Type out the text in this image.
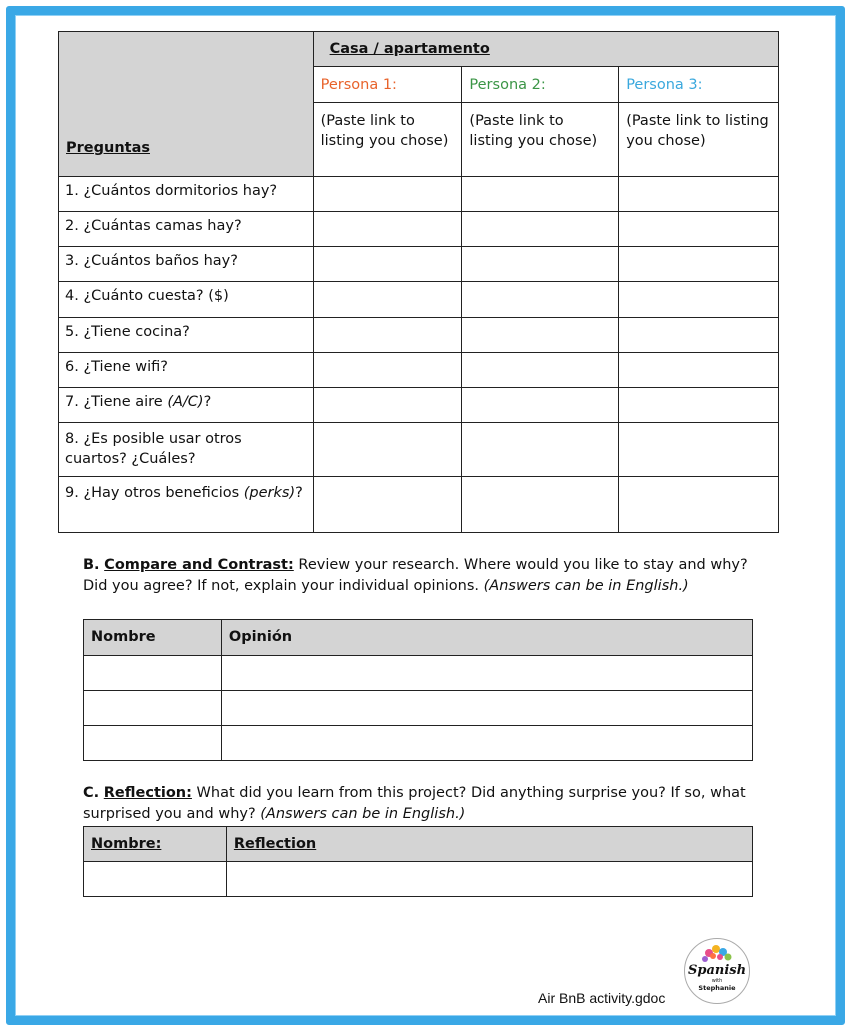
Preguntas	Casa / apartamento		
	Persona 1:	Persona 2:	Persona 3:
	(Paste link to listing you chose)	(Paste link to listing you chose)	(Paste link to listing you chose)
1. ¿Cuántos dormitorios hay?			
2. ¿Cuántas camas hay?			
3. ¿Cuántos baños hay?			
4. ¿Cuánto cuesta? ($)			
5. ¿Tiene cocina?			
6. ¿Tiene wifi?			
7. ¿Tiene aire (A/C)?			
8. ¿Es posible usar otros cuartos? ¿Cuáles?			
9. ¿Hay otros beneficios (perks)?			
B. Compare and Contrast: Review your research. Where would you like to stay and why? Did you agree? If not, explain your individual opinions. (Answers can be in English.)
Nombre	Opinión

C. Reflection: What did you learn from this project? Did anything surprise you? If so, what surprised you and why? (Answers can be in English.)
Nombre:	Reflection

Spanish
with
Stephanie
Air BnB activity.gdoc
